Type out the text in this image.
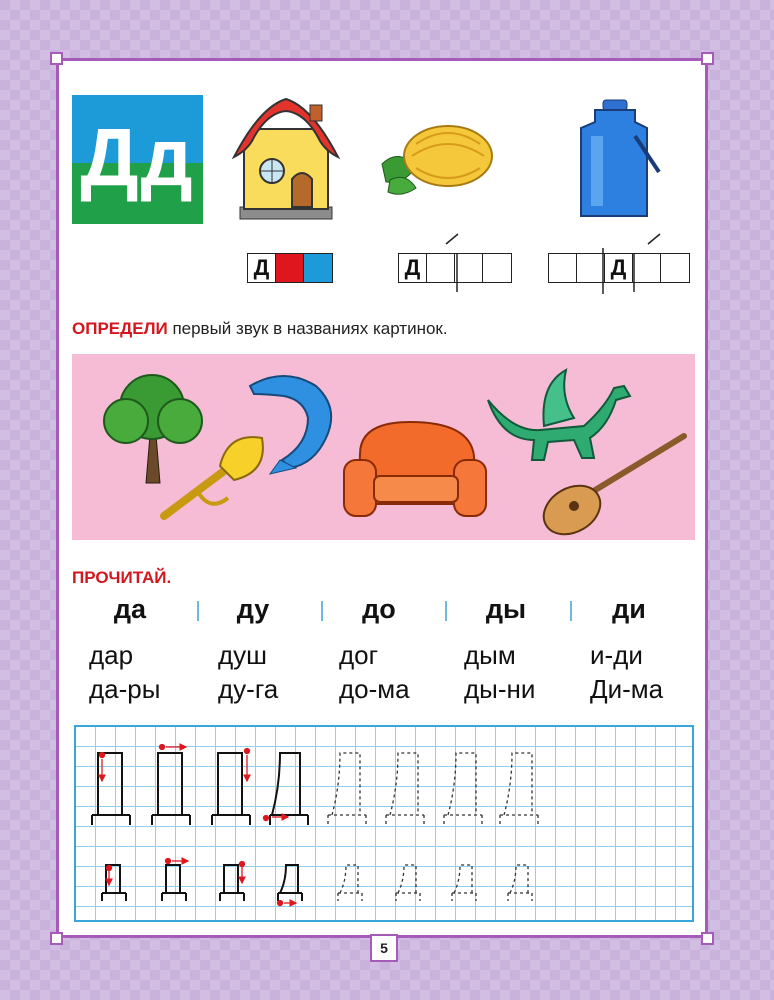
Дд
Д	Д	Д
ОПРЕДЕЛИ первый звук в названиях картинок.
ПРОЧИТАЙ.
да	ду	до	ды	ди
дар	душ	дог	дым	и-ди
да-ры ду-га до-ма ды-ни Ди-ма
5
